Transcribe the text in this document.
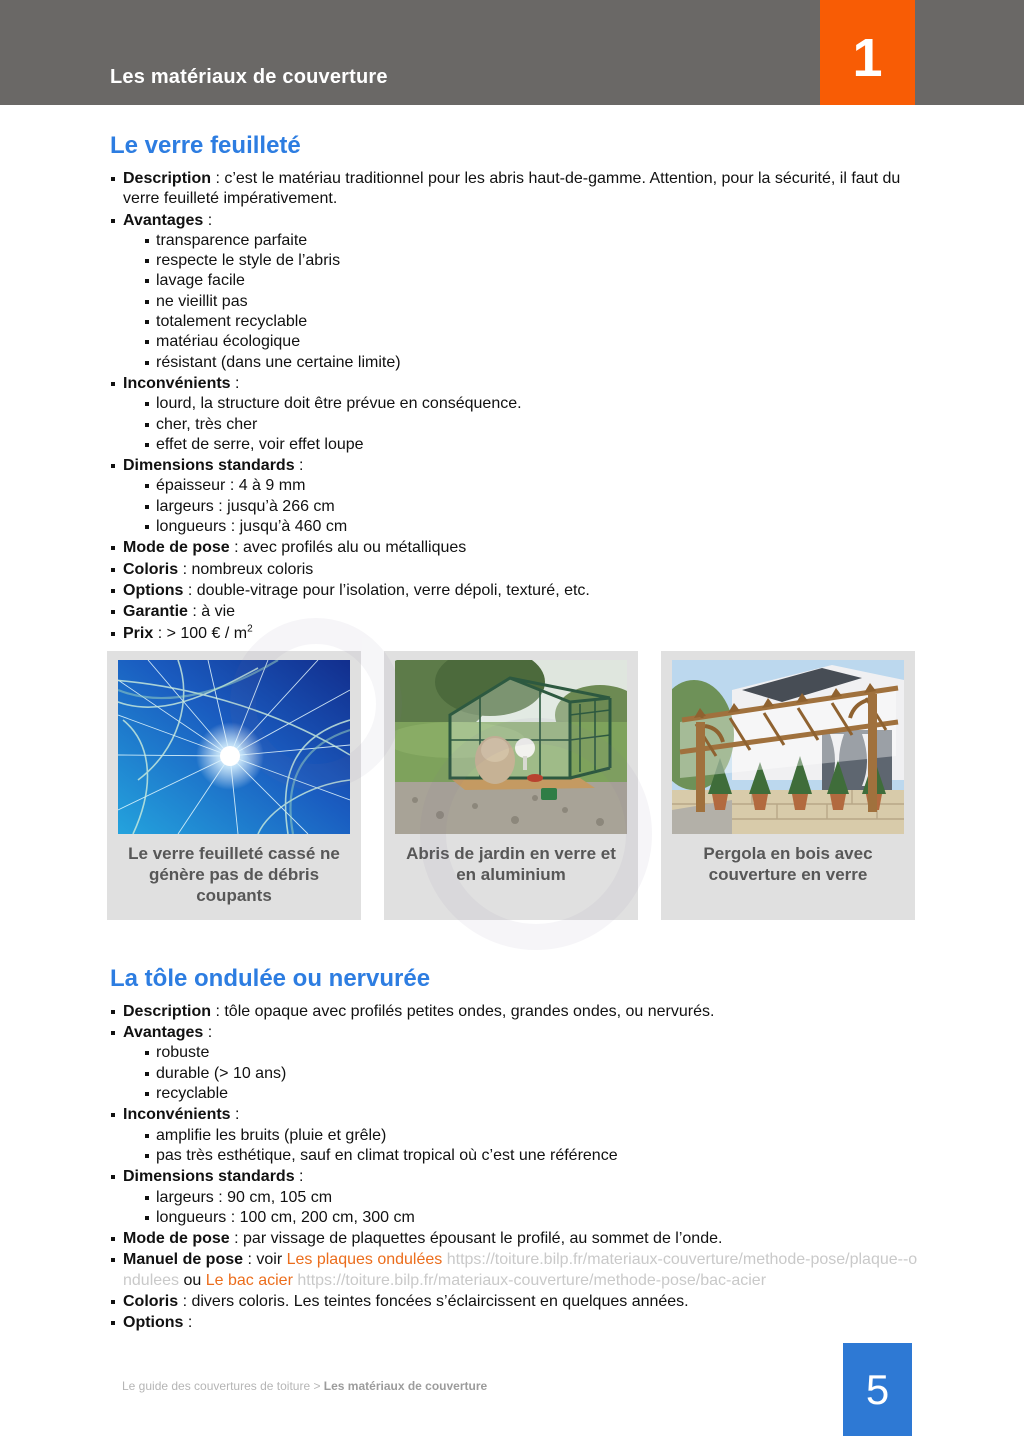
Les matériaux de couverture	1
Le verre feuilleté
Description : c’est le matériau traditionnel pour les abris haut-de-gamme. Attention, pour la sécurité, il faut du verre feuilleté impérativement.
Avantages :
transparence parfaite
respecte le style de l’abris
lavage facile
ne vieillit pas
totalement recyclable
matériau écologique
résistant (dans une certaine limite)
Inconvénients :
lourd, la structure doit être prévue en conséquence.
cher, très cher
effet de serre, voir effet loupe
Dimensions standards :
épaisseur : 4 à 9 mm
largeurs : jusqu’à 266 cm
longueurs : jusqu’à 460 cm
Mode de pose : avec profilés alu ou métalliques
Coloris : nombreux coloris
Options : double-vitrage pour l’isolation, verre dépoli, texturé, etc.
Garantie : à vie
Prix : > 100 € / $m^2$
Le verre feuilleté cassé ne génère pas de débris coupants
Abris de jardin en verre et en aluminium
Pergola en bois avec couverture en verre
La tôle ondulée ou nervurée
Description : tôle opaque avec profilés petites ondes, grandes ondes, ou nervurés.
Avantages :
robuste
durable (> 10 ans)
recyclable
Inconvénients :
amplifie les bruits (pluie et grêle)
pas très esthétique, sauf en climat tropical où c’est une référence
Dimensions standards :
largeurs : 90 cm, 105 cm
longueurs : 100 cm, 200 cm, 300 cm
Mode de pose : par vissage de plaquettes épousant le profilé, au sommet de l’onde.
Manuel de pose : voir Les plaques ondulées https://toiture.bilp.fr/materiaux-couverture/methode-pose/plaque--ondulees ou Le bac acier https://toiture.bilp.fr/materiaux-couverture/methode-pose/bac-acier
Coloris : divers coloris. Les teintes foncées s’éclaircissent en quelques années.
Options :
Le guide des couvertures de toiture > Les matériaux de couverture	5
